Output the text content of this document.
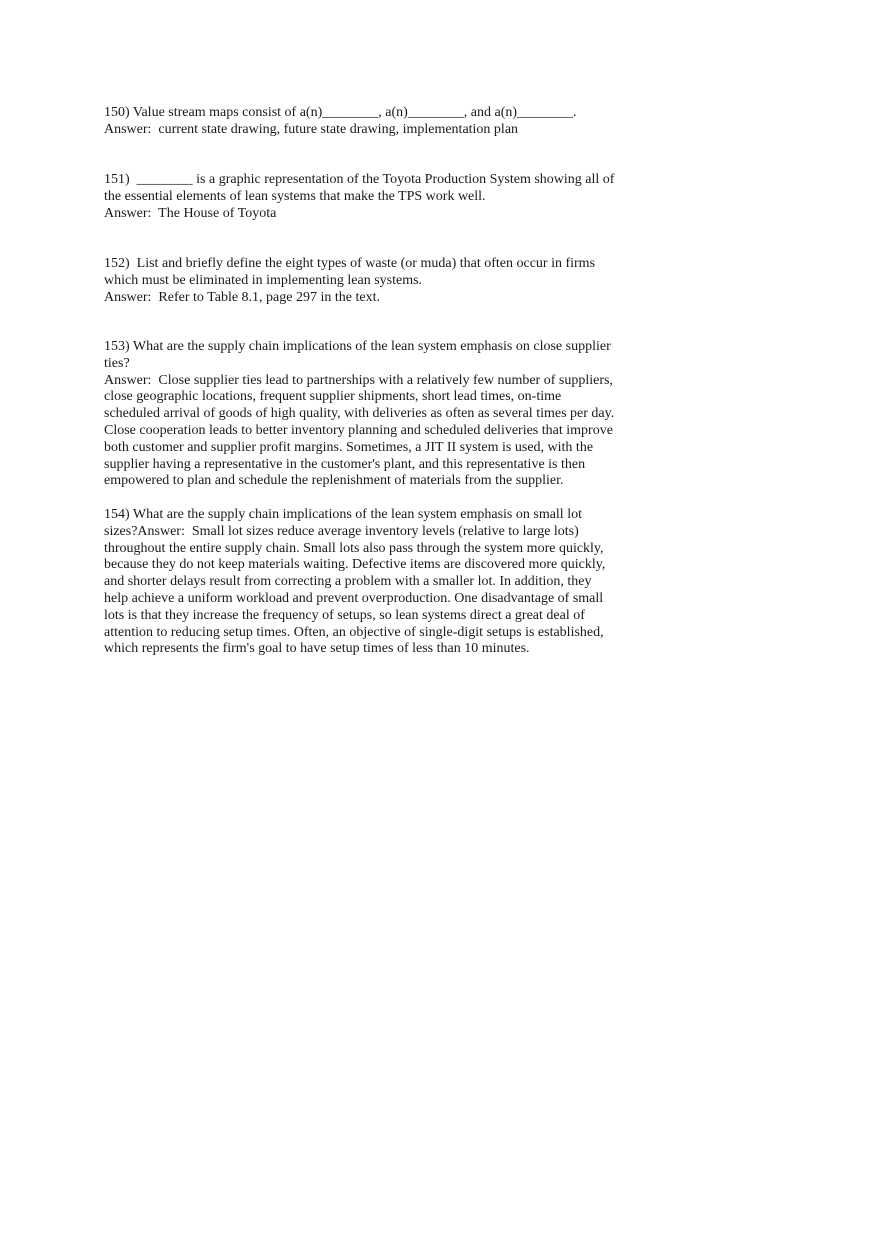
150) Value stream maps consist of a(n)________, a(n)________, and a(n)________.

Answer:  current state drawing, future state drawing, implementation plan

151)  ________ is a graphic representation of the Toyota Production System showing all of

the essential elements of lean systems that make the TPS work well.

Answer:  The House of Toyota

152)  List and briefly define the eight types of waste (or muda) that often occur in firms

which must be eliminated in implementing lean systems.

Answer:  Refer to Table 8.1, page 297 in the text.

153) What are the supply chain implications of the lean system emphasis on close supplier

ties?

Answer:  Close supplier ties lead to partnerships with a relatively few number of suppliers,

close geographic locations, frequent supplier shipments, short lead times, on-time

scheduled arrival of goods of high quality, with deliveries as often as several times per day.

Close cooperation leads to better inventory planning and scheduled deliveries that improve

both customer and supplier profit margins. Sometimes, a JIT II system is used, with the

supplier having a representative in the customer's plant, and this representative is then

empowered to plan and schedule the replenishment of materials from the supplier.

154) What are the supply chain implications of the lean system emphasis on small lot

sizes?Answer:  Small lot sizes reduce average inventory levels (relative to large lots)

throughout the entire supply chain. Small lots also pass through the system more quickly,

because they do not keep materials waiting. Defective items are discovered more quickly,

and shorter delays result from correcting a problem with a smaller lot. In addition, they

help achieve a uniform workload and prevent overproduction. One disadvantage of small

lots is that they increase the frequency of setups, so lean systems direct a great deal of

attention to reducing setup times. Often, an objective of single-digit setups is established,

which represents the firm's goal to have setup times of less than 10 minutes.
